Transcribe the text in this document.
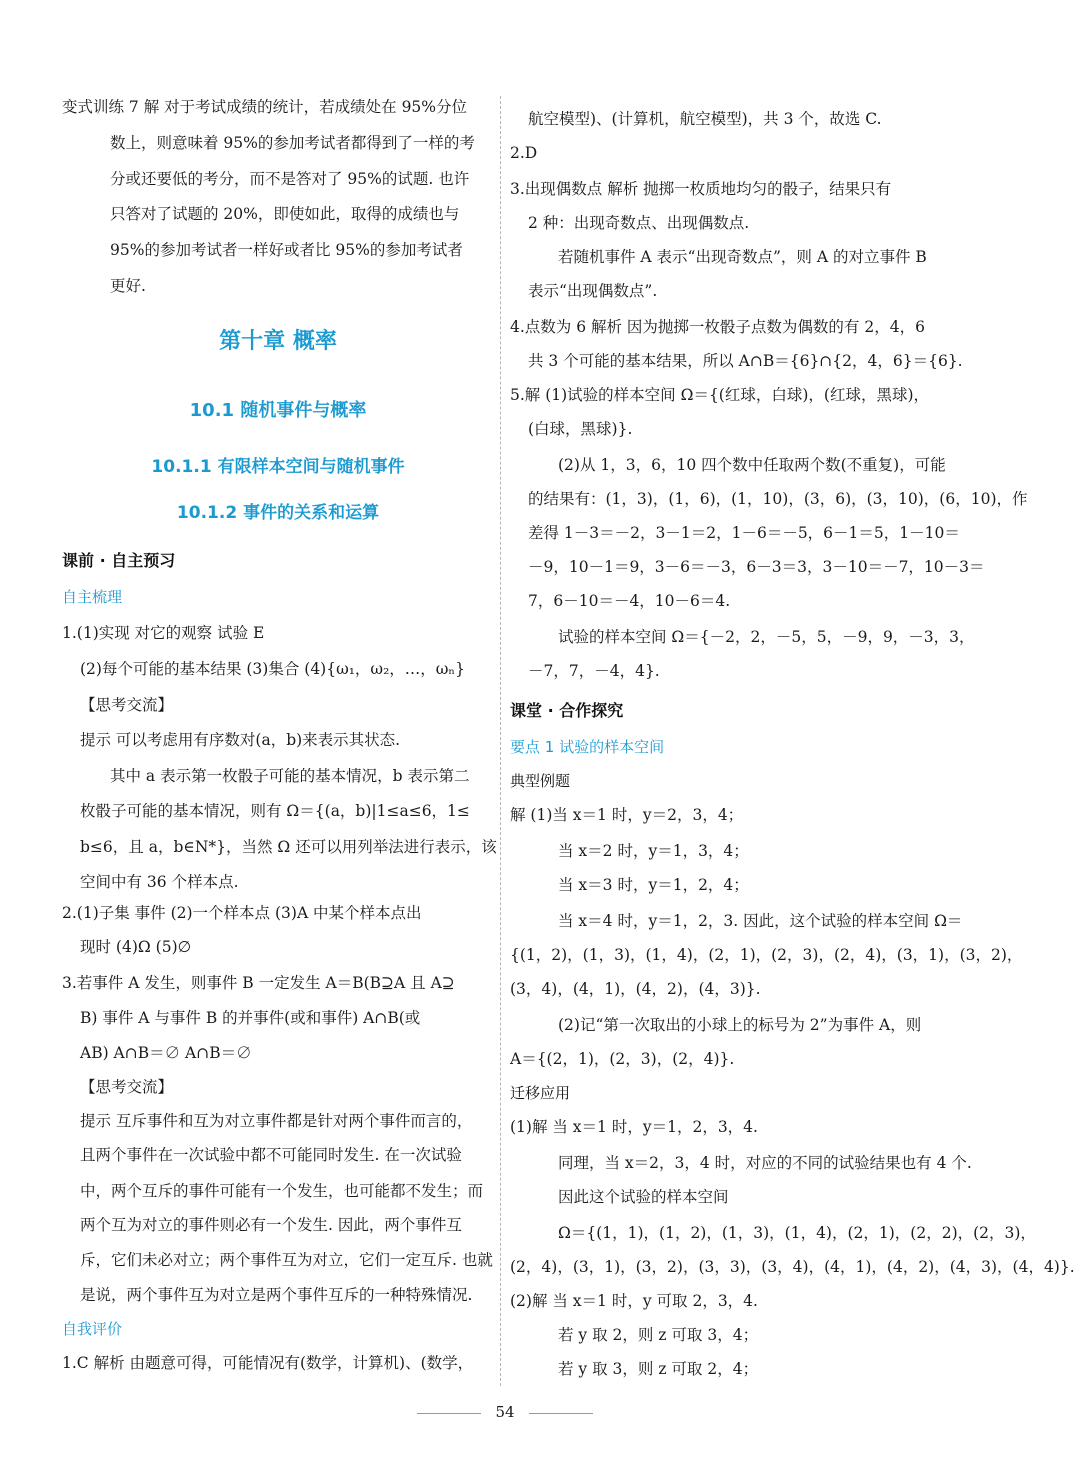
变式训练 7 解 对于考试成绩的统计，若成绩处在 95%分位
数上，则意味着 95%的参加考试者都得到了一样的考
分或还要低的考分，而不是答对了 95%的试题. 也许
只答对了试题的 20%，即使如此，取得的成绩也与
95%的参加考试者一样好或者比 95%的参加考试者
更好.
第十章 概率
10.1 随机事件与概率
10.1.1 有限样本空间与随机事件
10.1.2 事件的关系和运算
课前 · 自主预习
自主梳理
1.(1)实现 对它的观察 试验 E
(2)每个可能的基本结果 (3)集合 (4){ω₁，ω₂，…，ωₙ}
【思考交流】
提示 可以考虑用有序数对(a，b)来表示其状态.
其中 a 表示第一枚骰子可能的基本情况，b 表示第二
枚骰子可能的基本情况，则有 Ω＝{(a，b)|1≤a≤6，1≤
b≤6，且 a，b∈N*}，当然 Ω 还可以用列举法进行表示，该
空间中有 36 个样本点.
2.(1)子集 事件 (2)一个样本点 (3)A 中某个样本点出
现时 (4)Ω (5)∅
3.若事件 A 发生，则事件 B 一定发生 A＝B(B⊇A 且 A⊇
B) 事件 A 与事件 B 的并事件(或和事件) A∩B(或
AB) A∩B＝∅ A∩B＝∅
【思考交流】
提示 互斥事件和互为对立事件都是针对两个事件而言的，
且两个事件在一次试验中都不可能同时发生. 在一次试验
中，两个互斥的事件可能有一个发生，也可能都不发生；而
两个互为对立的事件则必有一个发生. 因此，两个事件互
斥，它们未必对立；两个事件互为对立，它们一定互斥. 也就
是说，两个事件互为对立是两个事件互斥的一种特殊情况.
自我评价
1.C 解析 由题意可得，可能情况有(数学，计算机)、(数学，
航空模型)、(计算机，航空模型)，共 3 个，故选 C.
2.D
3.出现偶数点 解析 抛掷一枚质地均匀的骰子，结果只有
2 种：出现奇数点、出现偶数点.
若随机事件 A 表示“出现奇数点”，则 A 的对立事件 B
表示“出现偶数点”.
4.点数为 6 解析 因为抛掷一枚骰子点数为偶数的有 2，4，6
共 3 个可能的基本结果，所以 A∩B＝{6}∩{2，4，6}＝{6}.
5.解 (1)试验的样本空间 Ω＝{(红球，白球)，(红球，黑球)，
(白球，黑球)}.
(2)从 1，3，6，10 四个数中任取两个数(不重复)，可能
的结果有：(1，3)，(1，6)，(1，10)，(3，6)，(3，10)，(6，10)，作
差得 1－3＝－2，3－1＝2，1－6＝－5，6－1＝5，1－10＝
－9，10－1＝9，3－6＝－3，6－3＝3，3－10＝－7，10－3＝
7，6－10＝－4，10－6＝4.
试验的样本空间 Ω＝{－2，2，－5，5，－9，9，－3，3，
－7，7，－4，4}.
课堂 · 合作探究
要点 1 试验的样本空间
典型例题
解 (1)当 x＝1 时，y＝2，3，4；
当 x＝2 时，y＝1，3，4；
当 x＝3 时，y＝1，2，4；
当 x＝4 时，y＝1，2，3. 因此，这个试验的样本空间 Ω＝
{(1，2)，(1，3)，(1，4)，(2，1)，(2，3)，(2，4)，(3，1)，(3，2)，
(3，4)，(4，1)，(4，2)，(4，3)}.
(2)记“第一次取出的小球上的标号为 2”为事件 A，则
A＝{(2，1)，(2，3)，(2，4)}.
迁移应用
(1)解 当 x＝1 时，y＝1，2，3，4.
同理，当 x＝2，3，4 时，对应的不同的试验结果也有 4 个.
因此这个试验的样本空间
Ω＝{(1，1)，(1，2)，(1，3)，(1，4)，(2，1)，(2，2)，(2，3)，
(2，4)，(3，1)，(3，2)，(3，3)，(3，4)，(4，1)，(4，2)，(4，3)，(4，4)}.
(2)解 当 x＝1 时，y 可取 2，3，4.
若 y 取 2，则 z 可取 3，4；
若 y 取 3，则 z 可取 2，4；
54
